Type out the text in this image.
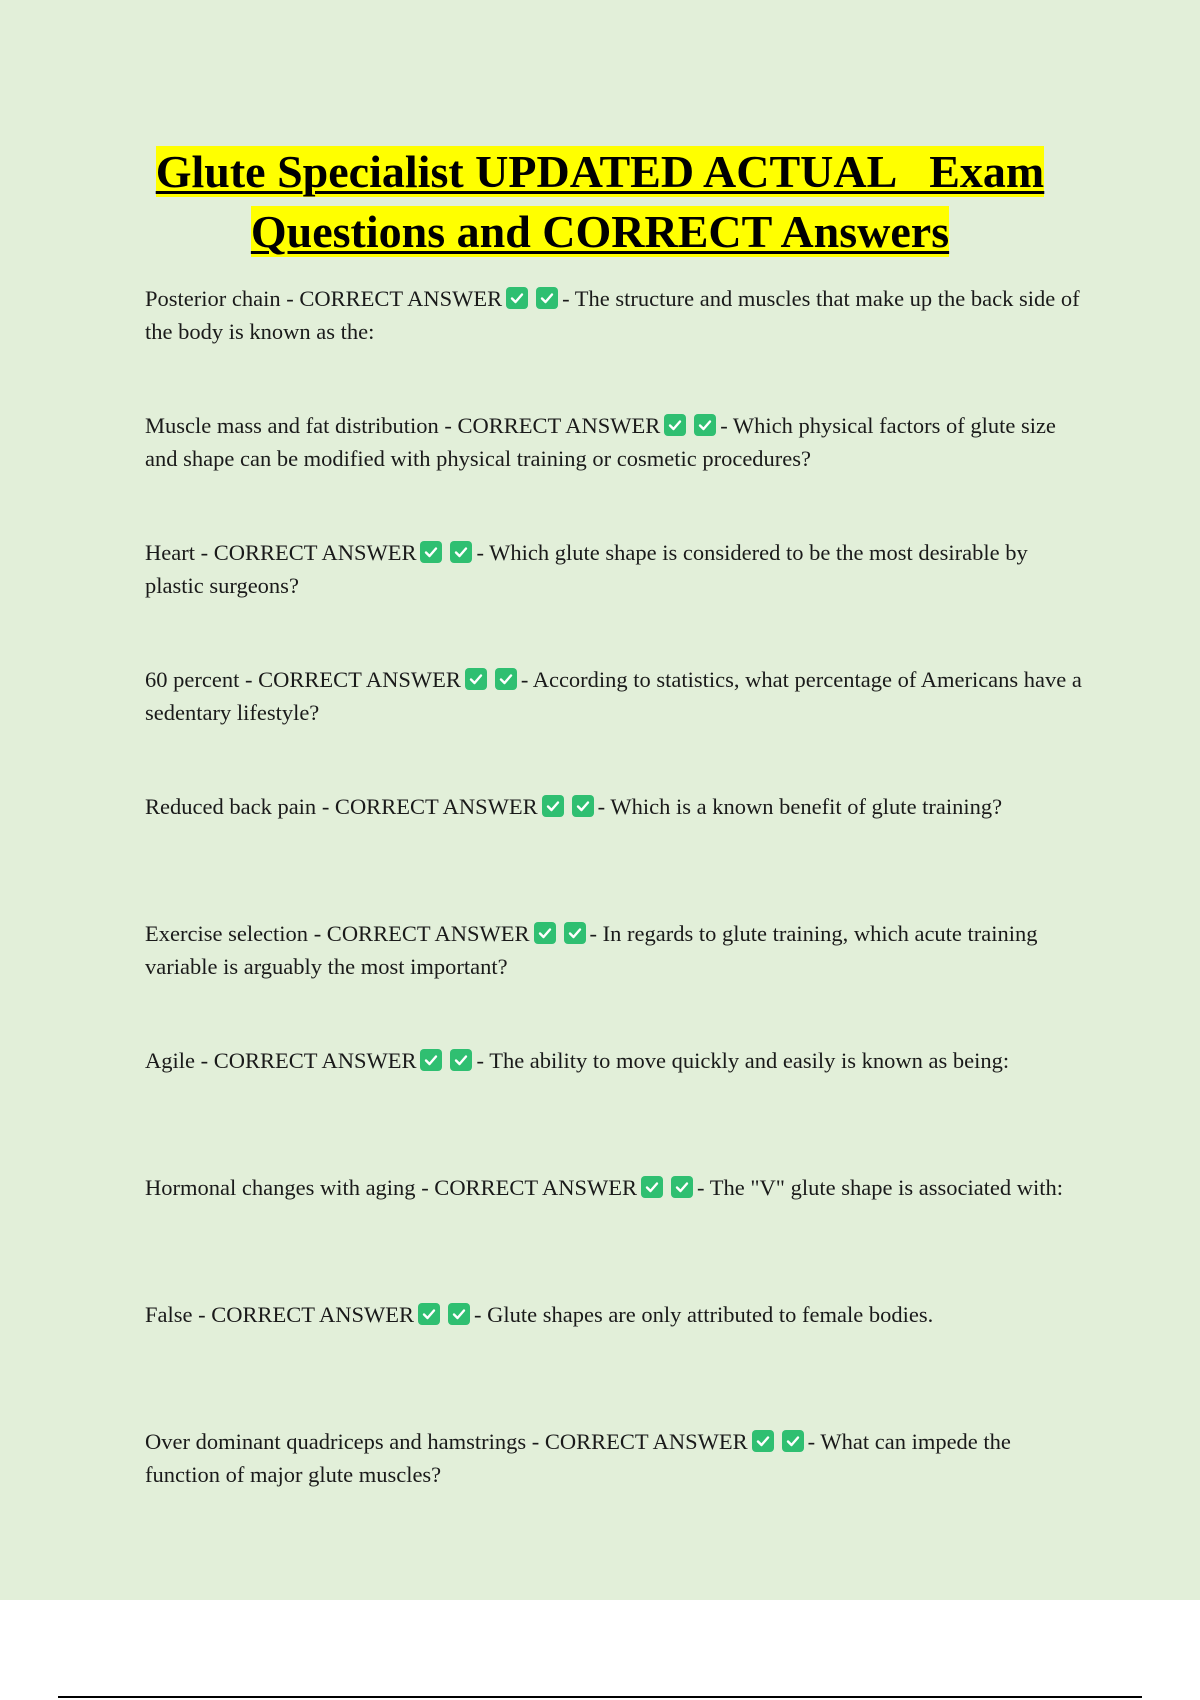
Glute Specialist UPDATED ACTUAL   Exam
Questions and CORRECT Answers
Posterior chain - CORRECT ANSWER	- The structure and muscles that make up the back side of the body is known as the:
Muscle mass and fat distribution - CORRECT ANSWER	- Which physical factors of glute size and shape can be modified with physical training or cosmetic procedures?
Heart - CORRECT ANSWER	- Which glute shape is considered to be the most desirable by plastic surgeons?
60 percent - CORRECT ANSWER	- According to statistics, what percentage of Americans have a sedentary lifestyle?
Reduced back pain - CORRECT ANSWER	- Which is a known benefit of glute training?
Exercise selection - CORRECT ANSWER	- In regards to glute training, which acute training variable is arguably the most important?
Agile - CORRECT ANSWER	- The ability to move quickly and easily is known as being:
Hormonal changes with aging - CORRECT ANSWER	- The "V" glute shape is associated with:
False - CORRECT ANSWER	- Glute shapes are only attributed to female bodies.
Over dominant quadriceps and hamstrings - CORRECT ANSWER	- What can impede the function of major glute muscles?
